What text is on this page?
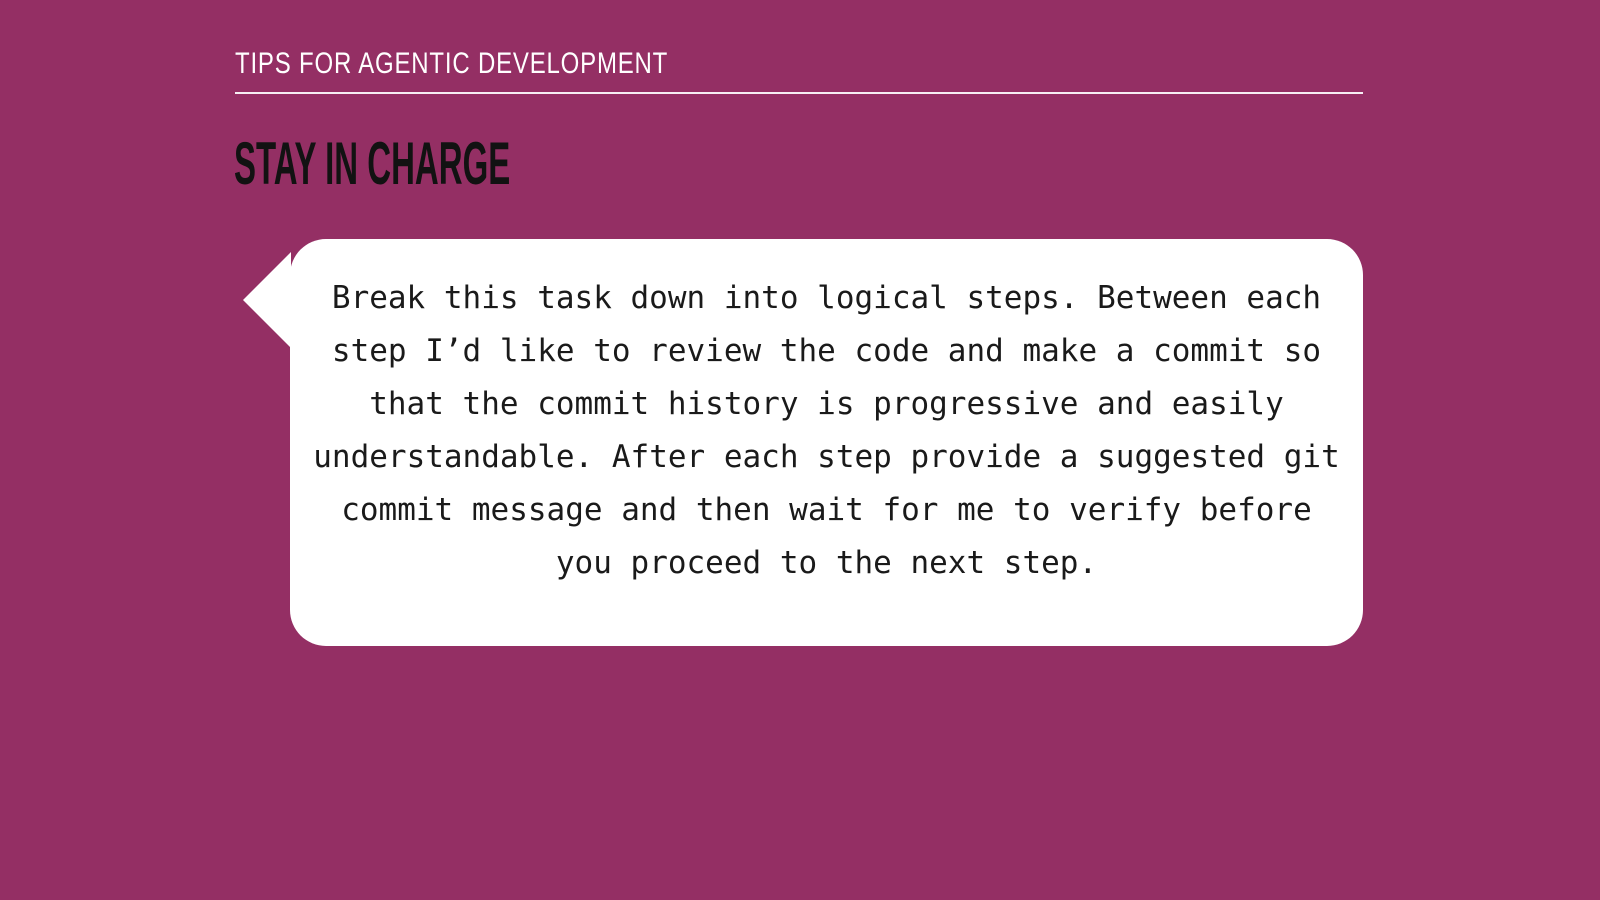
TIPS FOR AGENTIC DEVELOPMENT
STAY IN CHARGE

Break this task down into logical steps. Between each

step I’d like to review the code and make a commit so

that the commit history is progressive and easily

understandable. After each step provide a suggested git

commit message and then wait for me to verify before

you proceed to the next step.
